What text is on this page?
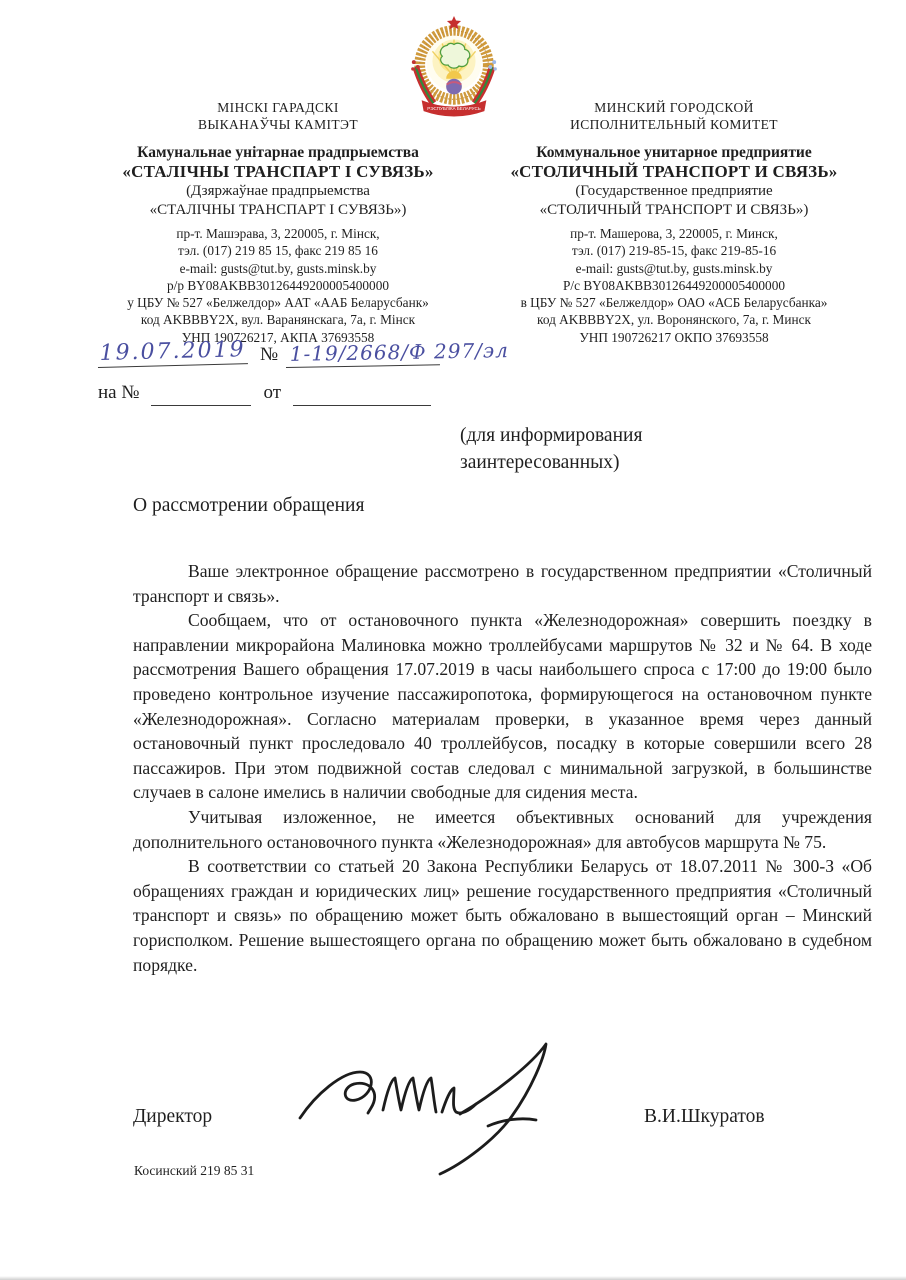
РЭСПУБЛІКА БЕЛАРУСЬ
МІНСКІ ГАРАДСКІ
ВЫКАНАЎЧЫ КАМІТЭТ
Камунальнае унітарнае прадпрыемства
«СТАЛІЧНЫ ТРАНСПАРТ І СУВЯЗЬ»
(Дзяржаўнае прадпрыемства
«СТАЛІЧНЫ ТРАНСПАРТ І СУВЯЗЬ»)
пр-т. Машэрава, 3, 220005, г. Мінск,
тэл. (017) 219 85 15, факс 219 85 16
e-mail: gusts@tut.by, gusts.minsk.by
р/р BY08AKBB30126449200005400000
у ЦБУ № 527 «Белжелдор» ААТ «ААБ Беларусбанк»
код AKBBBY2X, вул. Варанянскага, 7а, г. Мінск
УНП 190726217, АКПА 37693558
МИНСКИЙ ГОРОДСКОЙ
ИСПОЛНИТЕЛЬНЫЙ КОМИТЕТ
Коммунальное унитарное предприятие
«СТОЛИЧНЫЙ ТРАНСПОРТ И СВЯЗЬ»
(Государственное предприятие
«СТОЛИЧНЫЙ ТРАНСПОРТ И СВЯЗЬ»)
пр-т. Машерова, 3, 220005, г. Минск,
тэл. (017) 219-85-15, факс 219-85-16
e-mail: gusts@tut.by, gusts.minsk.by
Р/с BY08AKBB30126449200005400000
в ЦБУ № 527 «Белжелдор» ОАО «АСБ Беларусбанка»
код AKBBBY2X, ул. Воронянского, 7а, г. Минск
УНП 190726217 ОКПО 37693558
19.07.2019 № 1-19/2668/Ф 297/эл
на №	от
(для информирования заинтересованных)
О рассмотрении обращения

Ваше электронное обращение рассмотрено в государственном предприятии «Столичный транспорт и связь».

Сообщаем, что от остановочного пункта «Железнодорожная» совершить поездку в направлении микрорайона Малиновка можно троллейбусами маршрутов № 32 и № 64. В ходе рассмотрения Вашего обращения 17.07.2019 в часы наибольшего спроса с 17:00 до 19:00 было проведено контрольное изучение пассажиропотока, формирующегося на остановочном пункте «Железнодорожная». Согласно материалам проверки, в указанное время через данный остановочный пункт проследовало 40 троллейбусов, посадку в которые совершили всего 28 пассажиров. При этом подвижной состав следовал с минимальной загрузкой, в большинстве случаев в салоне имелись в наличии свободные для сидения места.

Учитывая изложенное, не имеется объективных оснований для учреждения дополнительного остановочного пункта «Железнодорожная» для автобусов маршрута № 75.

В соответствии со статьей 20 Закона Республики Беларусь от 18.07.2011 № 300-З «Об обращениях граждан и юридических лиц» решение государственного предприятия «Столичный транспорт и связь» по обращению может быть обжаловано в вышестоящий орган – Минский горисполком. Решение вышестоящего органа по обращению может быть обжаловано в судебном порядке.

Директор	В.И.Шкуратов
Косинский 219 85 31
